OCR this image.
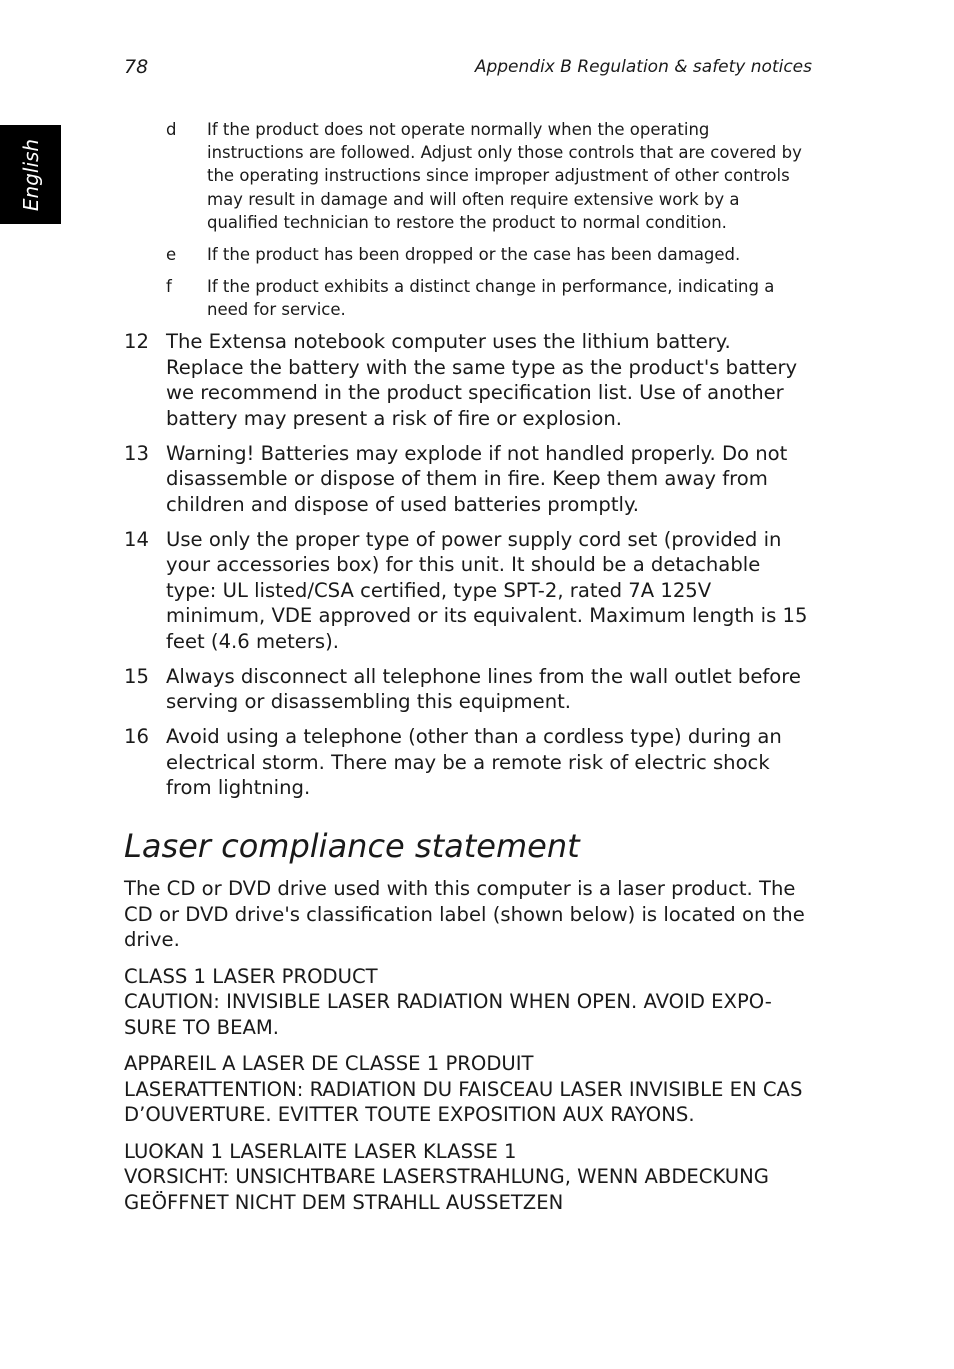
78	Appendix B Regulation & safety notices
English
d	If the product does not operate normally when the operating instructions are followed. Adjust only those controls that are covered by the operating instructions since improper adjustment of other controls may result in damage and will often require extensive work by a qualified technician to restore the product to normal condition.
e	If the product has been dropped or the case has been damaged.
f	If the product exhibits a distinct change in performance, indicating a need for service.
12 The Extensa notebook computer uses the lithium battery. Replace the battery with the same type as the product's battery we recommend in the product specification list. Use of another battery may present a risk of fire or explosion.
13 Warning! Batteries may explode if not handled properly. Do not disassemble or dispose of them in fire. Keep them away from children and dispose of used batteries promptly.
14 Use only the proper type of power supply cord set (provided in your accessories box) for this unit. It should be a detachable type: UL listed/CSA certified, type SPT-2, rated 7A 125V minimum, VDE approved or its equivalent. Maximum length is 15 feet (4.6 meters).
15 Always disconnect all telephone lines from the wall outlet before serving or disassembling this equipment.
16 Avoid using a telephone (other than a cordless type) during an electrical storm. There may be a remote risk of electric shock from lightning.
Laser compliance statement

The CD or DVD drive used with this computer is a laser product. The CD or DVD drive's classification label (shown below) is located on the drive.

CLASS 1 LASER PRODUCT
CAUTION: INVISIBLE LASER RADIATION WHEN OPEN. AVOID EXPO-SURE TO BEAM.

APPAREIL A LASER DE CLASSE 1 PRODUIT
LASERATTENTION: RADIATION DU FAISCEAU LASER INVISIBLE EN CAS D’OUVERTURE. EVITTER TOUTE EXPOSITION AUX RAYONS.

LUOKAN 1 LASERLAITE LASER KLASSE 1
VORSICHT: UNSICHTBARE LASERSTRAHLUNG, WENN ABDECKUNG GEÖFFNET NICHT DEM STRAHLL AUSSETZEN
